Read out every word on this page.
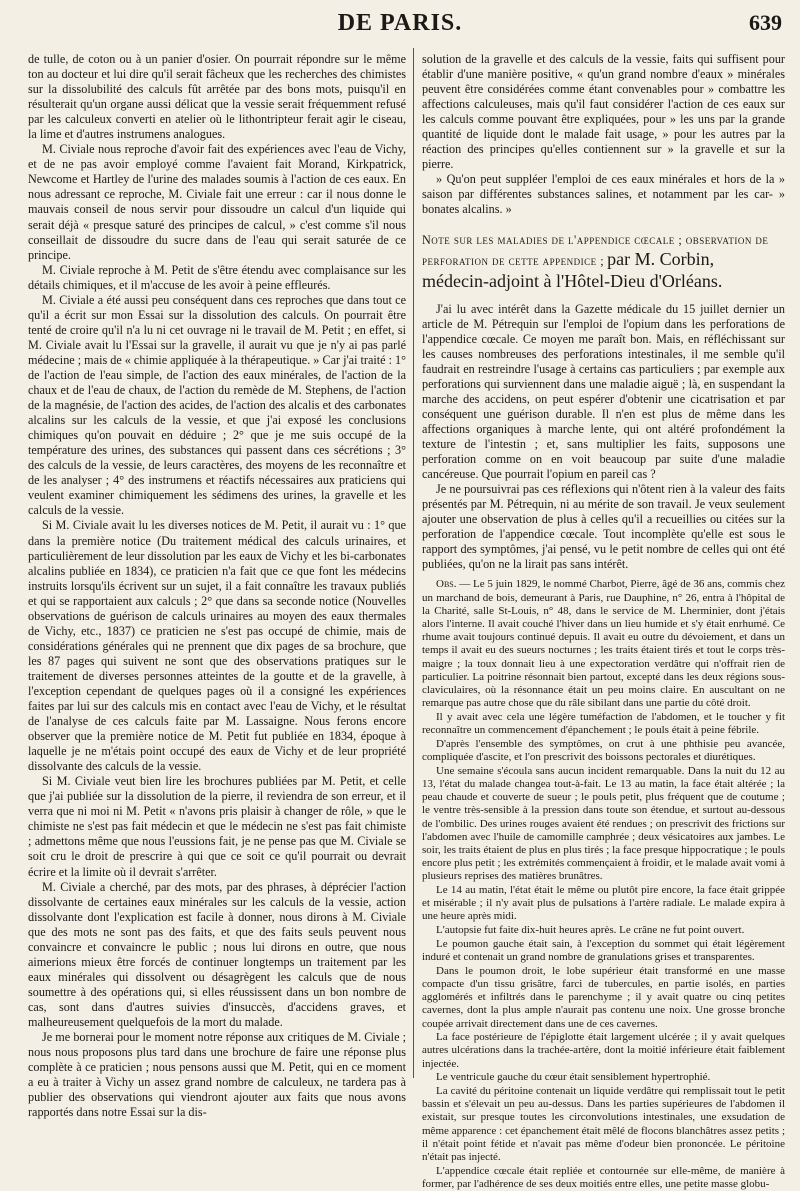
DE PARIS.	639

de tulle, de coton ou à un panier d'osier. On pourrait répondre sur le même ton au docteur et lui dire qu'il serait fâcheux que les recherches des chimistes sur la dissolubilité des calculs fût arrêtée par des bons mots, puisqu'il en résulterait qu'un organe aussi délicat que la vessie serait fréquemment refusé par les calculeux converti en atelier où le lithontripteur ferait agir le ciseau, la lime et d'autres instrumens analogues.

M. Civiale nous reproche d'avoir fait des expériences avec l'eau de Vichy, et de ne pas avoir employé comme l'avaient fait Morand, Kirkpatrick, Newcome et Hartley de l'urine des malades soumis à l'action de ces eaux. En nous adressant ce reproche, M. Civiale fait une erreur : car il nous donne le mauvais conseil de nous servir pour dissoudre un calcul d'un liquide qui serait déjà « presque saturé des principes de calcul, » c'est comme s'il nous conseillait de dissoudre du sucre dans de l'eau qui serait saturée de ce principe.

M. Civiale reproche à M. Petit de s'être étendu avec complaisance sur les détails chimiques, et il m'accuse de les avoir à peine effleurés.

M. Civiale a été aussi peu conséquent dans ces reproches que dans tout ce qu'il a écrit sur mon Essai sur la dissolution des calculs. On pourrait être tenté de croire qu'il n'a lu ni cet ouvrage ni le travail de M. Petit ; en effet, si M. Civiale avait lu l'Essai sur la gravelle, il aurait vu que je n'y ai pas parlé médecine ; mais de « chimie appliquée à la thérapeutique. » Car j'ai traité : 1° de l'action de l'eau simple, de l'action des eaux minérales, de l'action de la chaux et de l'eau de chaux, de l'action du remède de M. Stephens, de l'action de la magnésie, de l'action des acides, de l'action des alcalis et des carbonates alcalins sur les calculs de la vessie, et que j'ai exposé les conclusions chimiques qu'on pouvait en déduire ; 2° que je me suis occupé de la température des urines, des substances qui passent dans ces sécrétions ; 3° des calculs de la vessie, de leurs caractères, des moyens de les reconnaître et de les analyser ; 4° des instrumens et réactifs nécessaires aux praticiens qui veulent examiner chimiquement les sédimens des urines, la gravelle et les calculs de la vessie.

Si M. Civiale avait lu les diverses notices de M. Petit, il aurait vu : 1° que dans la première notice (Du traitement médical des calculs urinaires, et particulièrement de leur dissolution par les eaux de Vichy et les bi-carbonates alcalins publiée en 1834), ce praticien n'a fait que ce que font les médecins instruits lorsqu'ils écrivent sur un sujet, il a fait connaître les travaux publiés et qui se rapportaient aux calculs ; 2° que dans sa seconde notice (Nouvelles observations de guérison de calculs urinaires au moyen des eaux thermales de Vichy, etc., 1837) ce praticien ne s'est pas occupé de chimie, mais de considérations générales qui ne prennent que dix pages de sa brochure, que les 87 pages qui suivent ne sont que des observations pratiques sur le traitement de diverses personnes atteintes de la goutte et de la gravelle, à l'exception cependant de quelques pages où il a consigné les expériences faites par lui sur des calculs mis en contact avec l'eau de Vichy, et le résultat de l'analyse de ces calculs faite par M. Lassaigne. Nous ferons encore observer que la première notice de M. Petit fut publiée en 1834, époque à laquelle je ne m'étais point occupé des eaux de Vichy et de leur propriété dissolvante des calculs de la vessie.

Si M. Civiale veut bien lire les brochures publiées par M. Petit, et celle que j'ai publiée sur la dissolution de la pierre, il reviendra de son erreur, et il verra que ni moi ni M. Petit « n'avons pris plaisir à changer de rôle, » que le chimiste ne s'est pas fait médecin et que le médecin ne s'est pas fait chimiste ; admettons même que nous l'eussions fait, je ne pense pas que M. Civiale se soit cru le droit de prescrire à qui que ce soit ce qu'il pourrait ou devrait écrire et la limite où il devrait s'arrêter.

M. Civiale a cherché, par des mots, par des phrases, à déprécier l'action dissolvante de certaines eaux minérales sur les calculs de la vessie, action dissolvante dont l'explication est facile à donner, nous dirons à M. Civiale que des mots ne sont pas des faits, et que des faits seuls peuvent nous convaincre et convaincre le public ; nous lui dirons en outre, que nous aimerions mieux être forcés de continuer longtemps un traitement par les eaux minérales qui dissolvent ou désagrègent les calculs que de nous soumettre à des opérations qui, si elles réussissent dans un bon nombre de cas, sont dans d'autres suivies d'insuccès, d'accidens graves, et malheureusement quelquefois de la mort du malade.

Je me bornerai pour le moment notre réponse aux critiques de M. Civiale ; nous nous proposons plus tard dans une brochure de faire une réponse plus complète à ce praticien ; nous pensons aussi que M. Petit, qui en ce moment a eu à traiter à Vichy un assez grand nombre de calculeux, ne tardera pas à publier des observations qui viendront ajouter aux faits que nous avons rapportés dans notre Essai sur la dis-

solution de la gravelle et des calculs de la vessie, faits qui suffisent pour établir d'une manière positive, « qu'un grand nombre d'eaux » minérales peuvent être considérées comme étant convenables pour » combattre les affections calculeuses, mais qu'il faut considérer l'action de ces eaux sur les calculs comme pouvant être expliquées, pour » les uns par la grande quantité de liquide dont le malade fait usage, » pour les autres par la réaction des principes qu'elles contiennent sur » la gravelle et sur la pierre.

» Qu'on peut suppléer l'emploi de ces eaux minérales et hors de la » saison par différentes substances salines, et notamment par les car- » bonates alcalins. »

Note sur les maladies de l'appendice cœcale ; observation de perforation de cette appendice ; par M. Corbin, médecin-adjoint à l'Hôtel-Dieu d'Orléans.

J'ai lu avec intérêt dans la Gazette médicale du 15 juillet dernier un article de M. Pétrequin sur l'emploi de l'opium dans les perforations de l'appendice cœcale. Ce moyen me paraît bon. Mais, en réfléchissant sur les causes nombreuses des perforations intestinales, il me semble qu'il faudrait en restreindre l'usage à certains cas particuliers ; par exemple aux perforations qui surviennent dans une maladie aiguë ; là, en suspendant la marche des accidens, on peut espérer d'obtenir une cicatrisation et par conséquent une guérison durable. Il n'en est plus de même dans les affections organiques à marche lente, qui ont altéré profondément la texture de l'intestin ; et, sans multiplier les faits, supposons une perforation comme on en voit beaucoup par suite d'une maladie cancéreuse. Que pourrait l'opium en pareil cas ?

Je ne poursuivrai pas ces réflexions qui n'ôtent rien à la valeur des faits présentés par M. Pétrequin, ni au mérite de son travail. Je veux seulement ajouter une observation de plus à celles qu'il a recueillies ou citées sur la perforation de l'appendice cœcale. Tout incomplète qu'elle est sous le rapport des symptômes, j'ai pensé, vu le petit nombre de celles qui ont été publiées, qu'on ne la lirait pas sans intérêt.

Obs. — Le 5 juin 1829, le nommé Charbot, Pierre, âgé de 36 ans, commis chez un marchand de bois, demeurant à Paris, rue Dauphine, n° 26, entra à l'hôpital de la Charité, salle St-Louis, n° 48, dans le service de M. Lherminier, dont j'étais alors l'interne. Il avait couché l'hiver dans un lieu humide et s'y était enrhumé. Ce rhume avait toujours continué depuis. Il avait eu outre du dévoiement, et dans un temps il avait eu des sueurs nocturnes ; les traits étaient tirés et tout le corps très-maigre ; la toux donnait lieu à une expectoration verdâtre qui n'offrait rien de particulier. La poitrine résonnait bien partout, excepté dans les deux régions sous-claviculaires, où la résonnance était un peu moins claire. En auscultant on ne remarque pas autre chose que du râle sibilant dans une partie du côté droit.

Il y avait avec cela une légère tuméfaction de l'abdomen, et le toucher y fit reconnaître un commencement d'épanchement ; le pouls était à peine fébrile.

D'après l'ensemble des symptômes, on crut à une phthisie peu avancée, compliquée d'ascite, et l'on prescrivit des boissons pectorales et diurétiques.

Une semaine s'écoula sans aucun incident remarquable. Dans la nuit du 12 au 13, l'état du malade changea tout-à-fait. Le 13 au matin, la face était altérée ; la peau chaude et couverte de sueur ; le pouls petit, plus fréquent que de coutume ; le ventre très-sensible à la pression dans toute son étendue, et surtout au-dessous de l'ombilic. Des urines rouges avaient été rendues ; on prescrivit des frictions sur l'abdomen avec l'huile de camomille camphrée ; deux vésicatoires aux jambes. Le soir, les traits étaient de plus en plus tirés ; la face presque hippocratique ; le pouls encore plus petit ; les extrémités commençaient à froidir, et le malade avait vomi à plusieurs reprises des matières brunâtres.

Le 14 au matin, l'état était le même ou plutôt pire encore, la face était grippée et misérable ; il n'y avait plus de pulsations à l'artère radiale. Le malade expira à une heure après midi.

L'autopsie fut faite dix-huit heures après. Le crâne ne fut point ouvert.

Le poumon gauche était sain, à l'exception du sommet qui était légèrement induré et contenait un grand nombre de granulations grises et transparentes.

Dans le poumon droit, le lobe supérieur était transformé en une masse compacte d'un tissu grisâtre, farci de tubercules, en partie isolés, en parties agglomérés et infiltrés dans le parenchyme ; il y avait quatre ou cinq petites cavernes, dont la plus ample n'aurait pas contenu une noix. Une grosse bronche coupée arrivait directement dans une de ces cavernes.

La face postérieure de l'épiglotte était largement ulcérée ; il y avait quelques autres ulcérations dans la trachée-artère, dont la moitié inférieure était faiblement injectée.

Le ventricule gauche du cœur était sensiblement hypertrophié.

La cavité du péritoine contenait un liquide verdâtre qui remplissait tout le petit bassin et s'élevait un peu au-dessus. Dans les parties supérieures de l'abdomen il existait, sur presque toutes les circonvolutions intestinales, une exsudation de même apparence : cet épanchement était mêlé de flocons blanchâtres assez petits ; il n'était point fétide et n'avait pas même d'odeur bien prononcée. Le péritoine n'était pas injecté.

L'appendice cœcale était repliée et contournée sur elle-même, de manière à former, par l'adhérence de ses deux moitiés entre elles, une petite masse globu-
